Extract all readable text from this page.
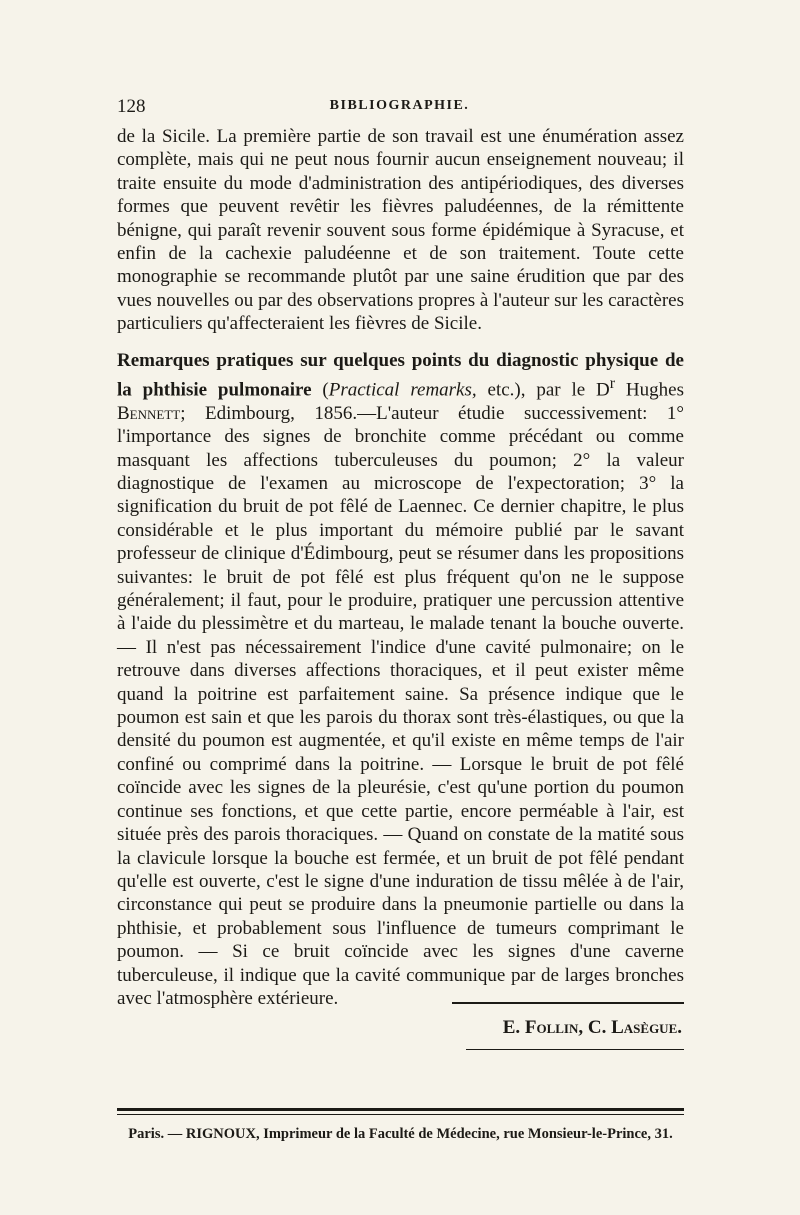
128	BIBLIOGRAPHIE.

de la Sicile. La première partie de son travail est une énumération assez complète, mais qui ne peut nous fournir aucun enseignement nouveau; il traite ensuite du mode d'administration des antipériodiques, des diverses formes que peuvent revêtir les fièvres paludéennes, de la rémittente bénigne, qui paraît revenir souvent sous forme épidémique à Syracuse, et enfin de la cachexie paludéenne et de son traitement. Toute cette monographie se recommande plutôt par une saine érudition que par des vues nouvelles ou par des observations propres à l'auteur sur les caractères particuliers qu'affecteraient les fièvres de Sicile.

Remarques pratiques sur quelques points du diagnostic physique de la phthisie pulmonaire (Practical remarks, etc.), par le $D^r$ Hughes Bennett; Edimbourg, 1856.—L'auteur étudie successivement: 1° l'importance des signes de bronchite comme précédant ou comme masquant les affections tuberculeuses du poumon; 2° la valeur diagnostique de l'examen au microscope de l'expectoration; 3° la signification du bruit de pot fêlé de Laennec. Ce dernier chapitre, le plus considérable et le plus important du mémoire publié par le savant professeur de clinique d'Édimbourg, peut se résumer dans les propositions suivantes: le bruit de pot fêlé est plus fréquent qu'on ne le suppose généralement; il faut, pour le produire, pratiquer une percussion attentive à l'aide du plessimètre et du marteau, le malade tenant la bouche ouverte. — Il n'est pas nécessairement l'indice d'une cavité pulmonaire; on le retrouve dans diverses affections thoraciques, et il peut exister même quand la poitrine est parfaitement saine. Sa présence indique que le poumon est sain et que les parois du thorax sont très-élastiques, ou que la densité du poumon est augmentée, et qu'il existe en même temps de l'air confiné ou comprimé dans la poitrine. — Lorsque le bruit de pot fêlé coïncide avec les signes de la pleurésie, c'est qu'une portion du poumon continue ses fonctions, et que cette partie, encore perméable à l'air, est située près des parois thoraciques. — Quand on constate de la matité sous la clavicule lorsque la bouche est fermée, et un bruit de pot fêlé pendant qu'elle est ouverte, c'est le signe d'une induration de tissu mêlée à de l'air, circonstance qui peut se produire dans la pneumonie partielle ou dans la phthisie, et probablement sous l'influence de tumeurs comprimant le poumon. — Si ce bruit coïncide avec les signes d'une caverne tuberculeuse, il indique que la cavité communique par de larges bronches avec l'atmosphère extérieure.

E. Follin, C. Lasègue.
Paris. — RIGNOUX, Imprimeur de la Faculté de Médecine, rue Monsieur-le-Prince, 31.
